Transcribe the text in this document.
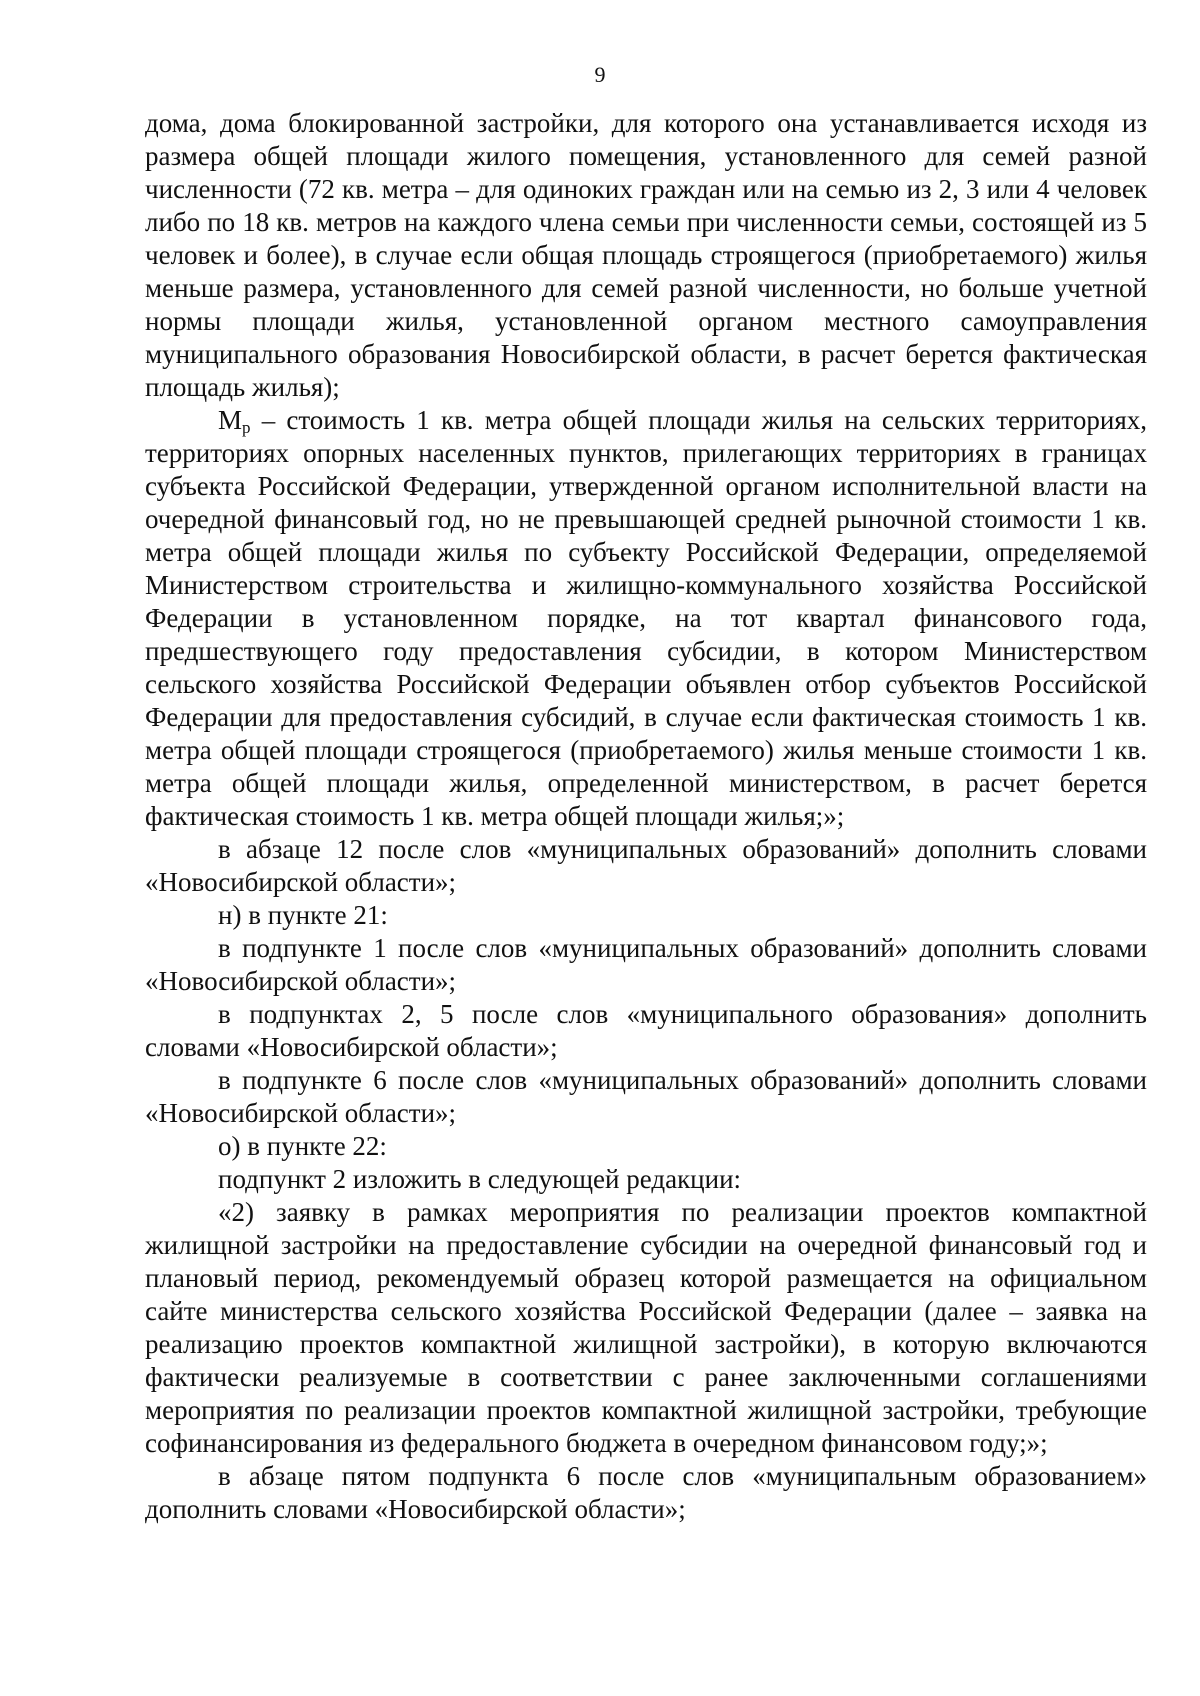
9

дома, дома блокированной застройки, для которого она устанавливается исходя из размера общей площади жилого помещения, установленного для семей разной численности (72 кв. метра – для одиноких граждан или на семью из 2, 3 или 4 человек либо по 18 кв. метров на каждого члена семьи при численности семьи, состоящей из 5 человек и более), в случае если общая площадь строящегося (приобретаемого) жилья меньше размера, установленного для семей разной численности, но больше учетной нормы площади жилья, установленной органом местного самоуправления муниципального образования Новосибирской области, в расчет берется фактическая площадь жилья);

$М_р$ – стоимость 1 кв. метра общей площади жилья на сельских территориях, территориях опорных населенных пунктов, прилегающих территориях в границах субъекта Российской Федерации, утвержденной органом исполнительной власти на очередной финансовый год, но не превышающей средней рыночной стоимости 1 кв. метра общей площади жилья по субъекту Российской Федерации, определяемой Министерством строительства и жилищно-коммунального хозяйства Российской Федерации в установленном порядке, на тот квартал финансового года, предшествующего году предоставления субсидии, в котором Министерством сельского хозяйства Российской Федерации объявлен отбор субъектов Российской Федерации для предоставления субсидий, в случае если фактическая стоимость 1 кв. метра общей площади строящегося (приобретаемого) жилья меньше стоимости 1 кв. метра общей площади жилья, определенной министерством, в расчет берется фактическая стоимость 1 кв. метра общей площади жилья;»;

в абзаце 12 после слов «муниципальных образований» дополнить словами «Новосибирской области»;

н) в пункте 21:

в подпункте 1 после слов «муниципальных образований» дополнить словами «Новосибирской области»;

в подпунктах 2, 5 после слов «муниципального образования» дополнить словами «Новосибирской области»;

в подпункте 6 после слов «муниципальных образований» дополнить словами «Новосибирской области»;

о) в пункте 22:

подпункт 2 изложить в следующей редакции:

«2) заявку в рамках мероприятия по реализации проектов компактной жилищной застройки на предоставление субсидии на очередной финансовый год и плановый период, рекомендуемый образец которой размещается на официальном сайте министерства сельского хозяйства Российской Федерации (далее – заявка на реализацию проектов компактной жилищной застройки), в которую включаются фактически реализуемые в соответствии с ранее заключенными соглашениями мероприятия по реализации проектов компактной жилищной застройки, требующие софинансирования из федерального бюджета в очередном финансовом году;»;

в абзаце пятом подпункта 6 после слов «муниципальным образованием» дополнить словами «Новосибирской области»;
